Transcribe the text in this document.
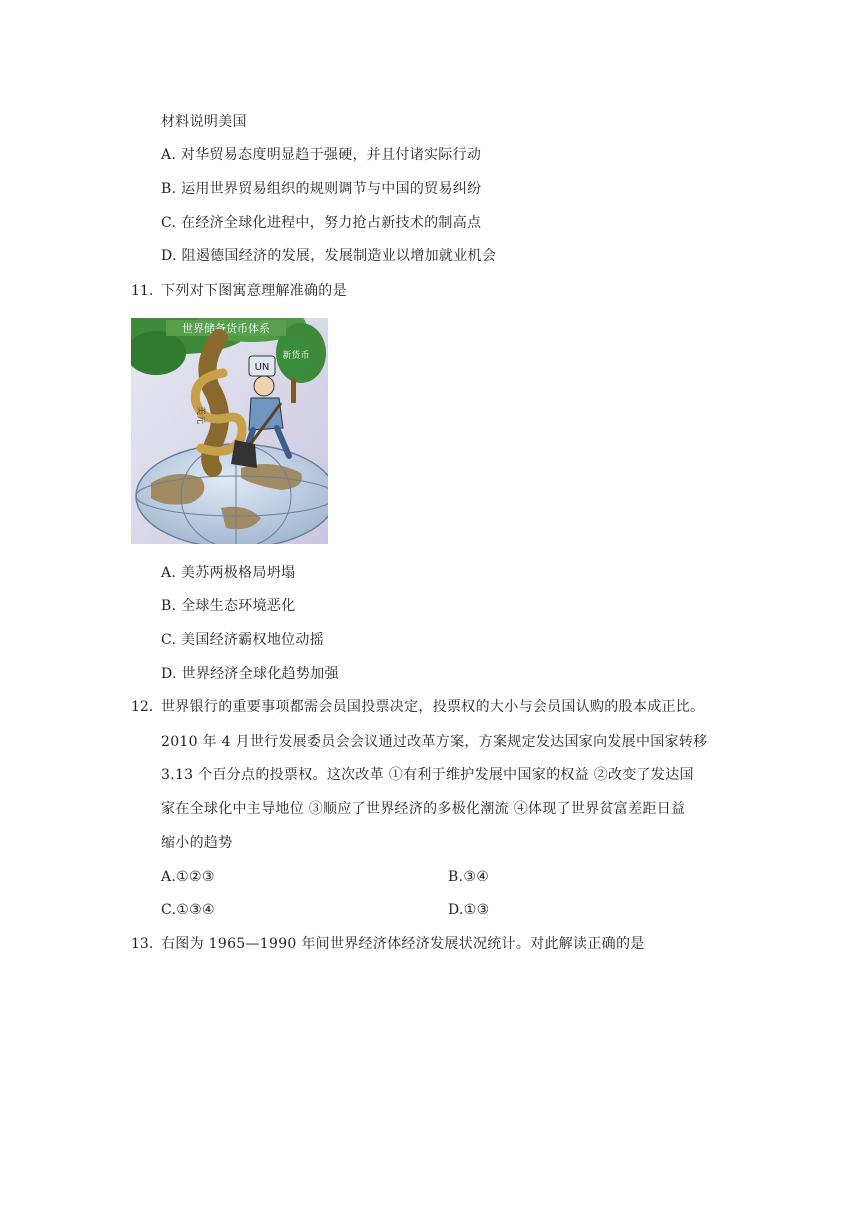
材料说明美国
A. 对华贸易态度明显趋于强硬，并且付诸实际行动
B. 运用世界贸易组织的规则调节与中国的贸易纠纷
C. 在经济全球化进程中，努力抢占新技术的制高点
D. 阻遏德国经济的发展，发展制造业以增加就业机会
11. 下列对下图寓意理解准确的是
世界储备货币体系
新货币
美元
UN
A. 美苏两极格局坍塌
B. 全球生态环境恶化
C. 美国经济霸权地位动摇
D. 世界经济全球化趋势加强
12. 世界银行的重要事项都需会员国投票决定，投票权的大小与会员国认购的股本成正比。
2010 年 4 月世行发展委员会会议通过改革方案，方案规定发达国家向发展中国家转移
3.13 个百分点的投票权。这次改革 ①有利于维护发展中国家的权益 ②改变了发达国
家在全球化中主导地位 ③顺应了世界经济的多极化潮流 ④体现了世界贫富差距日益
缩小的趋势
A.①②③	B.③④
C.①③④	D.①③
13. 右图为 1965—1990 年间世界经济体经济发展状况统计。对此解读正确的是
